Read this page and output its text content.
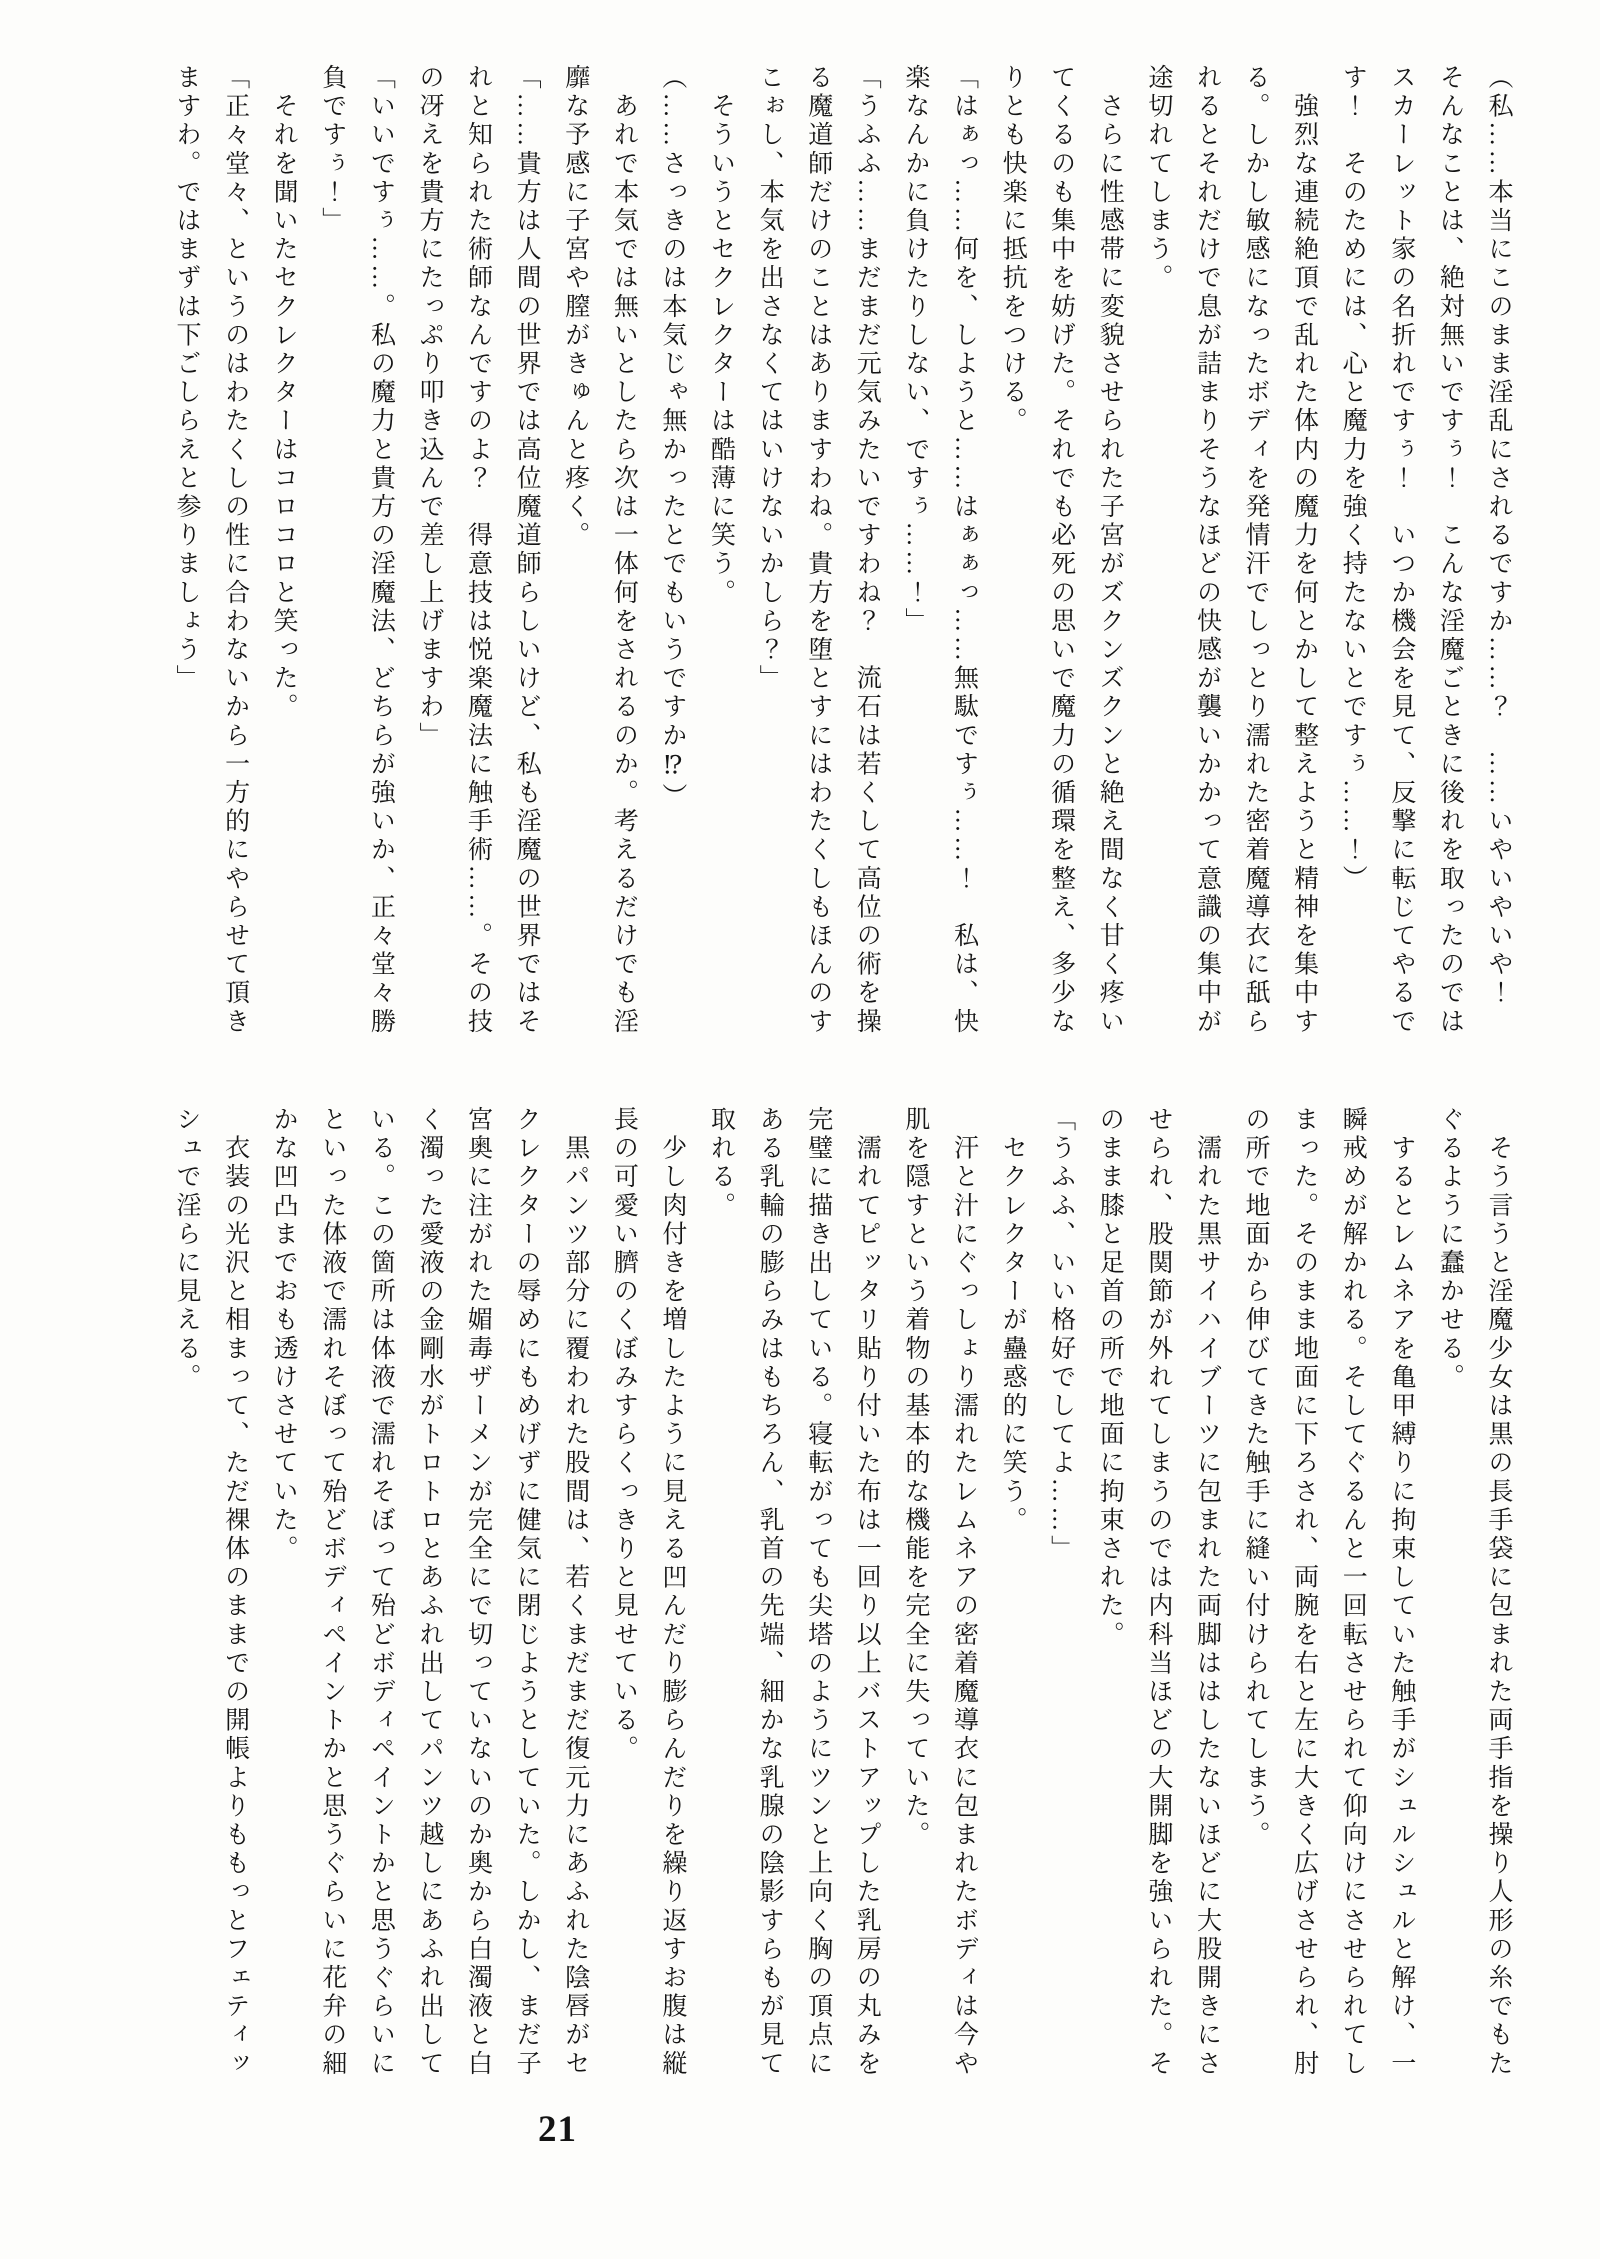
（私……本当にこのまま淫乱にされるですか……？　……いやいやいや！
そんなことは、絶対無いですぅ！　こんな淫魔ごときに後れを取ったのでは
スカーレット家の名折れですぅ！　いつか機会を見て、反撃に転じてやるで
す！　そのためには、心と魔力を強く持たないとですぅ……！）
　強烈な連続絶頂で乱れた体内の魔力を何とかして整えようと精神を集中す
る。しかし敏感になったボディを発情汗でしっとり濡れた密着魔導衣に舐ら
れるとそれだけで息が詰まりそうなほどの快感が襲いかかって意識の集中が
途切れてしまう。
　さらに性感帯に変貌させられた子宮がズクンズクンと絶え間なく甘く疼い
てくるのも集中を妨げた。それでも必死の思いで魔力の循環を整え、多少な
りとも快楽に抵抗をつける。
「はぁっ……何を、しようと……はぁぁっ……無駄ですぅ……！　私は、快
楽なんかに負けたりしない、ですぅ……！」
「うふふ……まだまだ元気みたいですわね？　流石は若くして高位の術を操
る魔道師だけのことはありますわね。貴方を堕とすにはわたくしもほんのす
こぉし、本気を出さなくてはいけないかしら？」
　そういうとセクレクターは酷薄に笑う。
（……さっきのは本気じゃ無かったとでもいうですか⁉）
　あれで本気では無いとしたら次は一体何をされるのか。考えるだけでも淫
靡な予感に子宮や膣がきゅんと疼く。
「……貴方は人間の世界では高位魔道師らしいけど、私も淫魔の世界ではそ
れと知られた術師なんですのよ？　得意技は悦楽魔法に触手術……。その技
の冴えを貴方にたっぷり叩き込んで差し上げますわ」
「いいですぅ……。私の魔力と貴方の淫魔法、どちらが強いか、正々堂々勝
負ですぅ！」
　それを聞いたセクレクターはコロコロと笑った。
「正々堂々、というのはわたくしの性に合わないから一方的にやらせて頂き
ますわ。ではまずは下ごしらえと参りましょう」
　そう言うと淫魔少女は黒の長手袋に包まれた両手指を操り人形の糸でもた
ぐるように蠢かせる。
　するとレムネアを亀甲縛りに拘束していた触手がシュルシュルと解け、一
瞬戒めが解かれる。そしてぐるんと一回転させられて仰向けにさせられてし
まった。そのまま地面に下ろされ、両腕を右と左に大きく広げさせられ、肘
の所で地面から伸びてきた触手に縫い付けられてしまう。
　濡れた黒サイハイブーツに包まれた両脚ははしたないほどに大股開きにさ
せられ、股関節が外れてしまうのでは内科当ほどの大開脚を強いられた。そ
のまま膝と足首の所で地面に拘束された。
「うふふ、いい格好でしてよ……」
　セクレクターが蠱惑的に笑う。
　汗と汁にぐっしょり濡れたレムネアの密着魔導衣に包まれたボディは今や
肌を隠すという着物の基本的な機能を完全に失っていた。
　濡れてピッタリ貼り付いた布は一回り以上バストアップした乳房の丸みを
完璧に描き出している。寝転がっても尖塔のようにツンと上向く胸の頂点に
ある乳輪の膨らみはもちろん、乳首の先端、細かな乳腺の陰影すらもが見て
取れる。
　少し肉付きを増したように見える凹んだり膨らんだりを繰り返すお腹は縦
長の可愛い臍のくぼみすらくっきりと見せている。
　黒パンツ部分に覆われた股間は、若くまだまだ復元力にあふれた陰唇がセ
クレクターの辱めにもめげずに健気に閉じようとしていた。しかし、まだ子
宮奥に注がれた媚毒ザーメンが完全にで切っていないのか奥から白濁液と白
く濁った愛液の金剛水がトロトロとあふれ出してパンツ越しにあふれ出して
いる。この箇所は体液で濡れそぼって殆どボディペイントかと思うぐらいに
といった体液で濡れそぼって殆どボディペイントかと思うぐらいに花弁の細
かな凹凸までおも透けさせていた。
　衣装の光沢と相まって、ただ裸体のままでの開帳よりももっとフェティッ
シュで淫らに見える。
21
